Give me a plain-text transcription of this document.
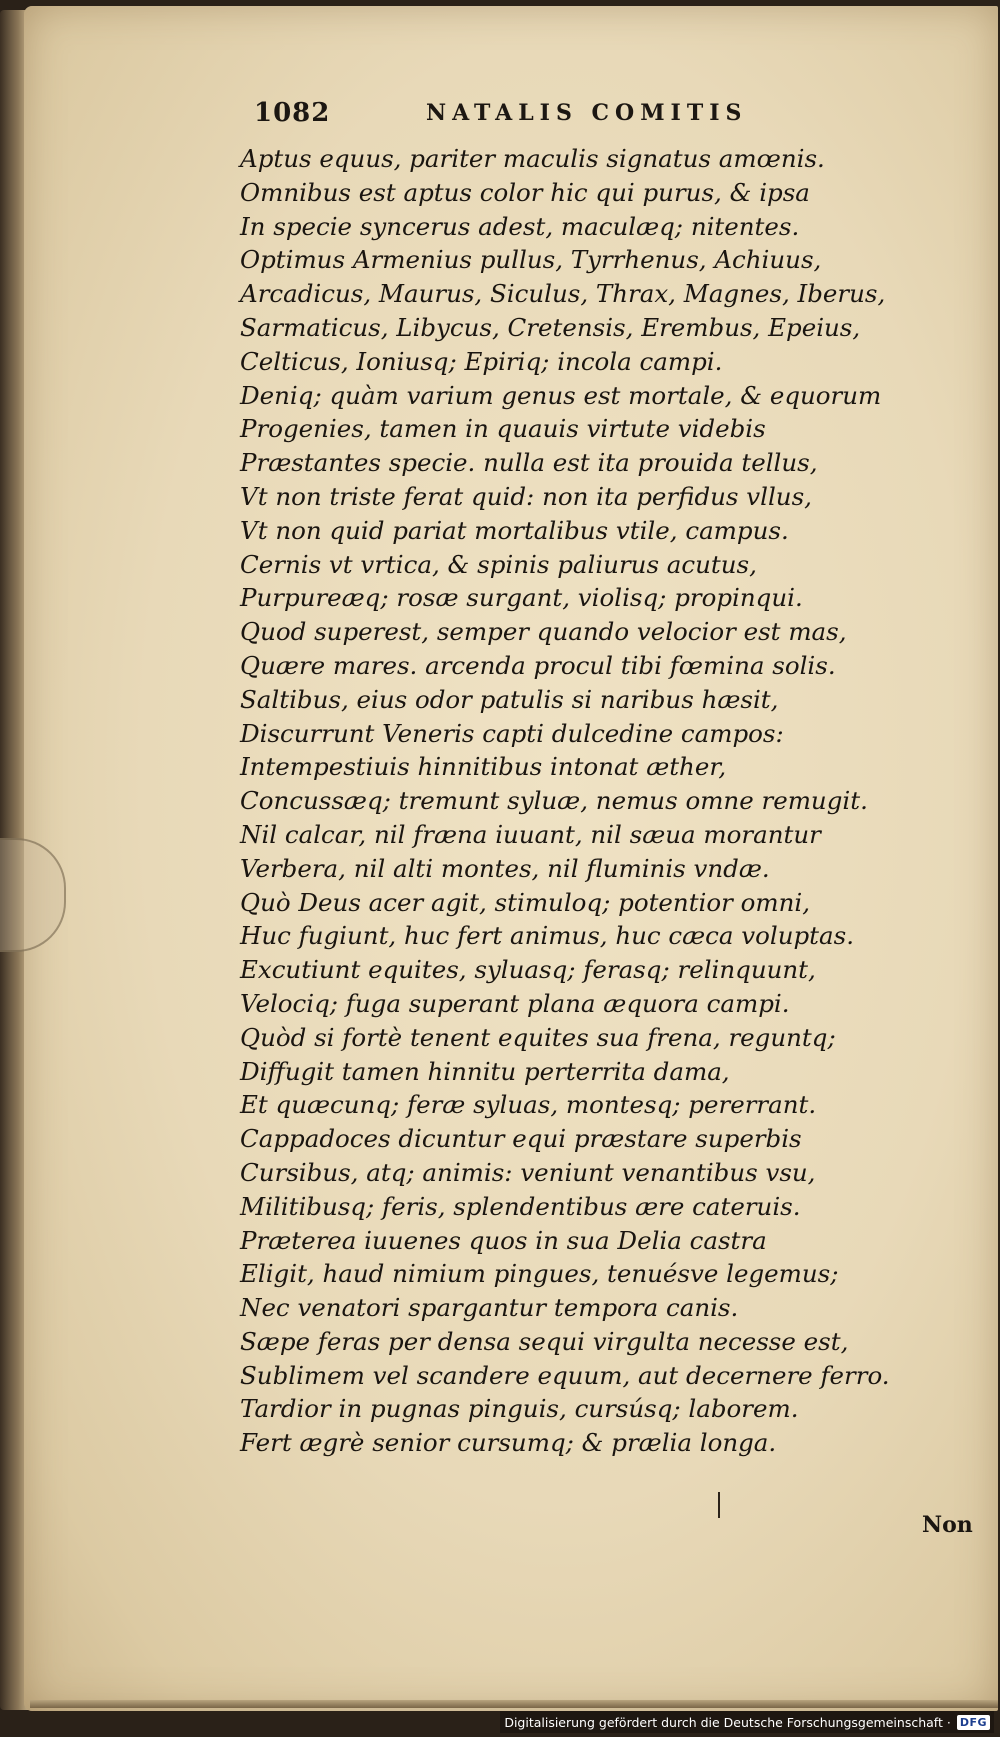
1082	NATALIS COMITIS
Aptus equus, pariter maculis signatus amœnis.
Omnibus est aptus color hic qui purus, & ipsa
In specie syncerus adest, maculæq; nitentes.
Optimus Armenius pullus, Tyrrhenus, Achiuus,
Arcadicus, Maurus, Siculus, Thrax, Magnes, Iberus,
Sarmaticus, Libycus, Cretensis, Erembus, Epeius,
Celticus, Ioniusq; Epiriq; incola campi.
Deniq; quàm varium genus est mortale, & equorum
Progenies, tamen in quauis virtute videbis
Præstantes specie. nulla est ita prouida tellus,
Vt non triste ferat quid: non ita perfidus vllus,
Vt non quid pariat mortalibus vtile, campus.
Cernis vt vrtica, & spinis paliurus acutus,
Purpureæq; rosæ surgant, violisq; propinqui.
Quod superest, semper quando velocior est mas,
Quære mares. arcenda procul tibi fœmina solis.
Saltibus, eius odor patulis si naribus hæsit,
Discurrunt Veneris capti dulcedine campos:
Intempestiuis hinnitibus intonat æther,
Concussæq; tremunt syluæ, nemus omne remugit.
Nil calcar, nil fræna iuuant, nil sæua morantur
Verbera, nil alti montes, nil fluminis vndæ.
Quò Deus acer agit, stimuloq; potentior omni,
Huc fugiunt, huc fert animus, huc cæca voluptas.
Excutiunt equites, syluasq; ferasq; relinquunt,
Velociq; fuga superant plana æquora campi.
Quòd si fortè tenent equites sua frena, reguntq;
Diffugit tamen hinnitu perterrita dama,
Et quæcunq; feræ syluas, montesq; pererrant.
Cappadoces dicuntur equi præstare superbis
Cursibus, atq; animis: veniunt venantibus vsu,
Militibusq; feris, splendentibus ære cateruis.
Præterea iuuenes quos in sua Delia castra
Eligit, haud nimium pingues, tenuésve legemus;
Nec venatori spargantur tempora canis.
Sæpe feras per densa sequi virgulta necesse est,
Sublimem vel scandere equum, aut decernere ferro.
Tardior in pugnas pinguis, cursúsq; laborem.
Fert ægrè senior cursumq; & prælia longa.
Non
Digitalisierung gefördert durch die Deutsche Forschungsgemeinschaft · DFG
